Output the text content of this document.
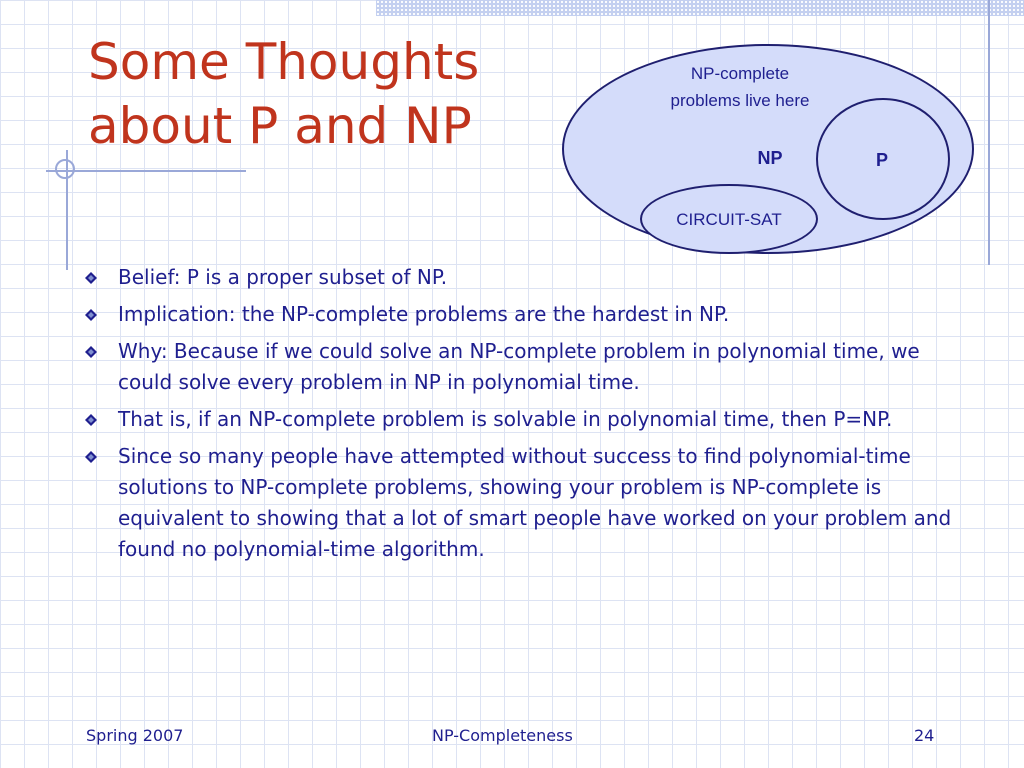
Some Thoughts
about P and NP
NP-complete
problems live here
NP	P
CIRCUIT-SAT
Belief: P is a proper subset of NP.
Implication: the NP-complete problems are the hardest in NP.
Why: Because if we could solve an NP-complete problem in polynomial time, we could solve every problem in NP in polynomial time.
That is, if an NP-complete problem is solvable in polynomial time, then P=NP.
Since so many people have attempted without success to find polynomial-time solutions to NP-complete problems, showing your problem is NP-complete is equivalent to showing that a lot of smart people have worked on your problem and found no polynomial-time algorithm.
Spring 2007	NP-Completeness	24
